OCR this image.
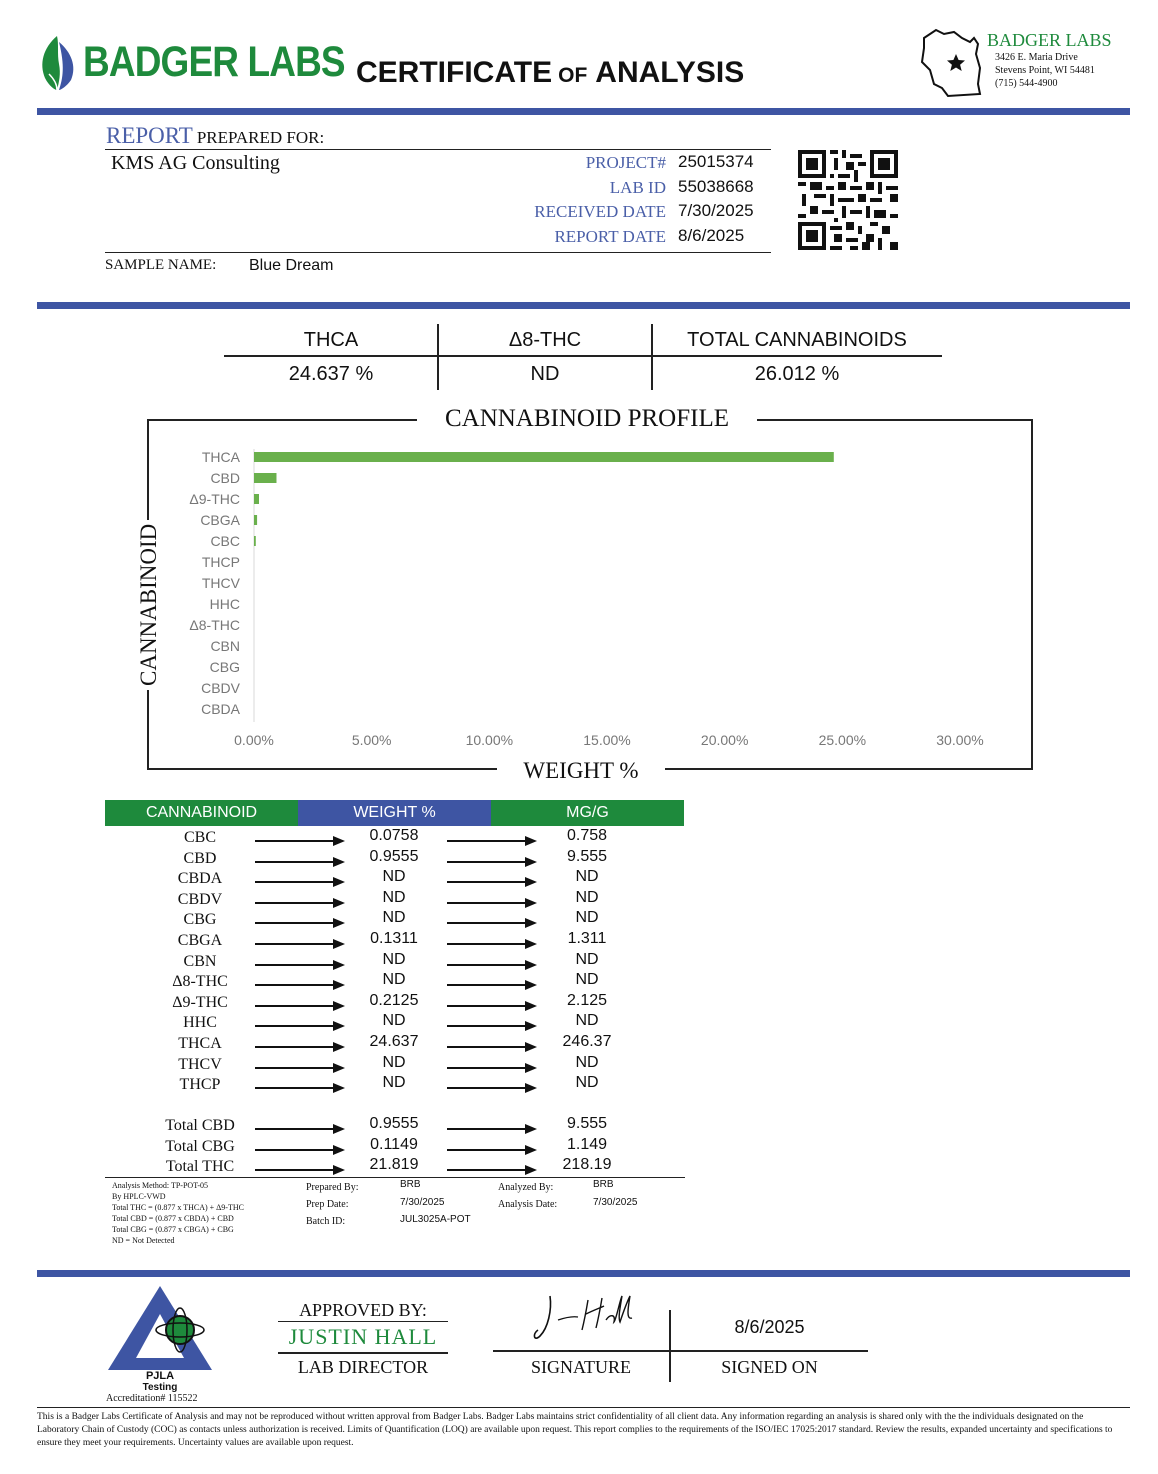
BADGER LABS CERTIFICATE OF ANALYSIS
BADGER LABS
3426 E. Maria Drive
Stevens Point, WI 54481
(715) 544-4900
REPORT PREPARED FOR:
KMS AG Consulting	PROJECT# 25015374
LAB ID 55038668
RECEIVED DATE 7/30/2025
REPORT DATE 8/6/2025
SAMPLE NAME: Blue Dream
THCA	Δ8-THC	TOTAL CANNABINOIDS
24.637 %	ND	26.012 %
CANNABINOID PROFILE
WEIGHT %
CANNABINOID
THCA
CBD
Δ9-THC
CBGA
CBC
THCP
THCV
HHC
Δ8-THC
CBN
CBG
CBDV
CBDA
0.00%	5.00%	10.00%	15.00%	20.00%	25.00%	30.00%
CANNABINOID	WEIGHT %	MG/G
CBC	0.0758	0.758
CBD	0.9555	9.555
CBDA	ND	ND
CBDV	ND	ND
CBG	ND	ND
CBGA	0.1311	1.311
CBN	ND	ND
Δ8-THC	ND	ND
Δ9-THC	0.2125	2.125
HHC	ND	ND
THCA	24.637	246.37
THCV	ND	ND
THCP	ND	ND
Total CBD	0.9555	9.555
Total CBG	0.1149	1.149
Total THC	21.819	218.19
Analysis Method: TP-POT-05
By HPLC-VWD
Total THC = (0.877 x THCA) + Δ9-THC
Total CBD = (0.877 x CBDA) + CBD
Total CBG = (0.877 x CBGA) + CBG
ND = Not Detected
Prepared By:	BRB
Prep Date:	7/30/2025
Batch ID:	JUL3025A-POT
Analyzed By:	BRB
Analysis Date:	7/30/2025
PJLA
Testing
Accreditation# 115522
APPROVED BY:
JUSTIN HALL
LAB DIRECTOR	SIGNATURE
8/6/2025
SIGNED ON
This is a Badger Labs Certificate of Analysis and may not be reproduced without written approval from Badger Labs. Badger Labs maintains strict confidentiality of all client data. Any information regarding an analysis is shared only with the the individuals designated on the Laboratory Chain of Custody (COC) as contacts unless authorization is received. Limits of Quantification (LOQ) are available upon request. This report complies to the requirements of the ISO/IEC 17025:2017 standard. Review the results, expanded uncertainty and specifications to ensure they meet your requirements. Uncertainty values are available upon request.
